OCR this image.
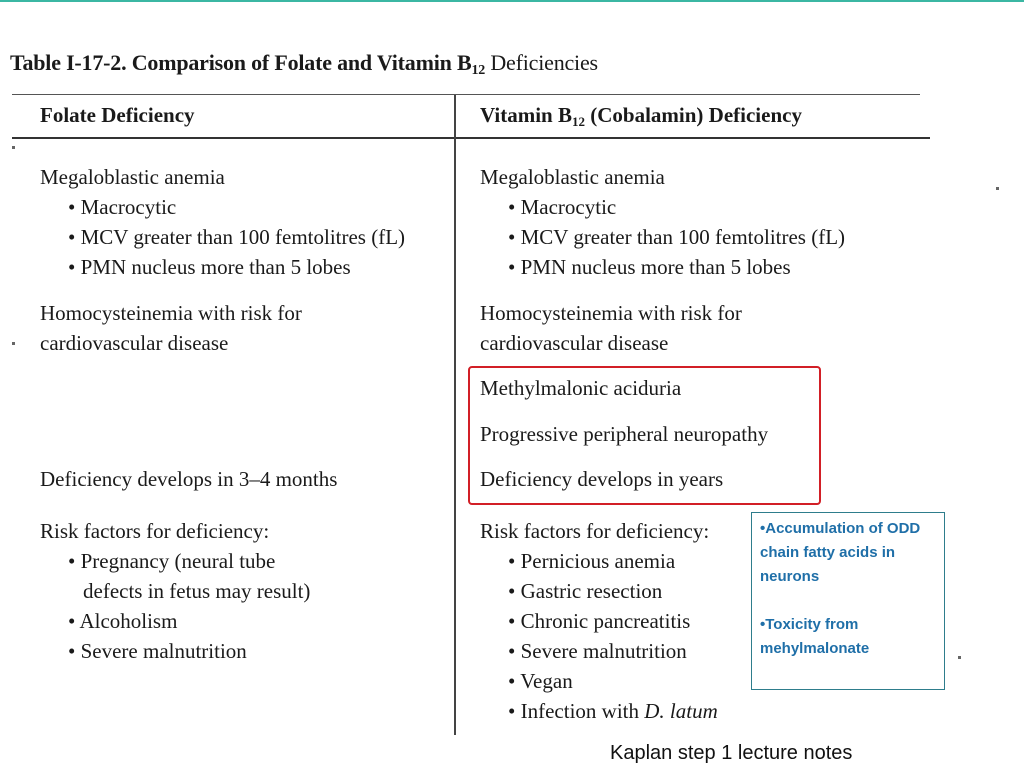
Table I-17-2. Comparison of Folate and Vitamin $B_{12}$ Deficiencies
Folate Deficiency	Vitamin $B_{12}$ (Cobalamin) Deficiency
Megaloblastic anemia
• Macrocytic
• MCV greater than 100 femtolitres (fL)
• PMN nucleus more than 5 lobes
Homocysteinemia with risk for
cardiovascular disease
Deficiency develops in 3–4 months
Risk factors for deficiency:
• Pregnancy (neural tube
defects in fetus may result)
• Alcoholism
• Severe malnutrition
Megaloblastic anemia
• Macrocytic
• MCV greater than 100 femtolitres (fL)
• PMN nucleus more than 5 lobes
Homocysteinemia with risk for
cardiovascular disease
Methylmalonic aciduria
Progressive peripheral neuropathy
Deficiency develops in years
Risk factors for deficiency:
• Pernicious anemia
• Gastric resection
• Chronic pancreatitis
• Severe malnutrition
• Vegan
• Infection with D. latum

•Accumulation of ODD chain fatty acids in neurons

•Toxicity from mehylmalonate

Kaplan step 1 lecture notes
